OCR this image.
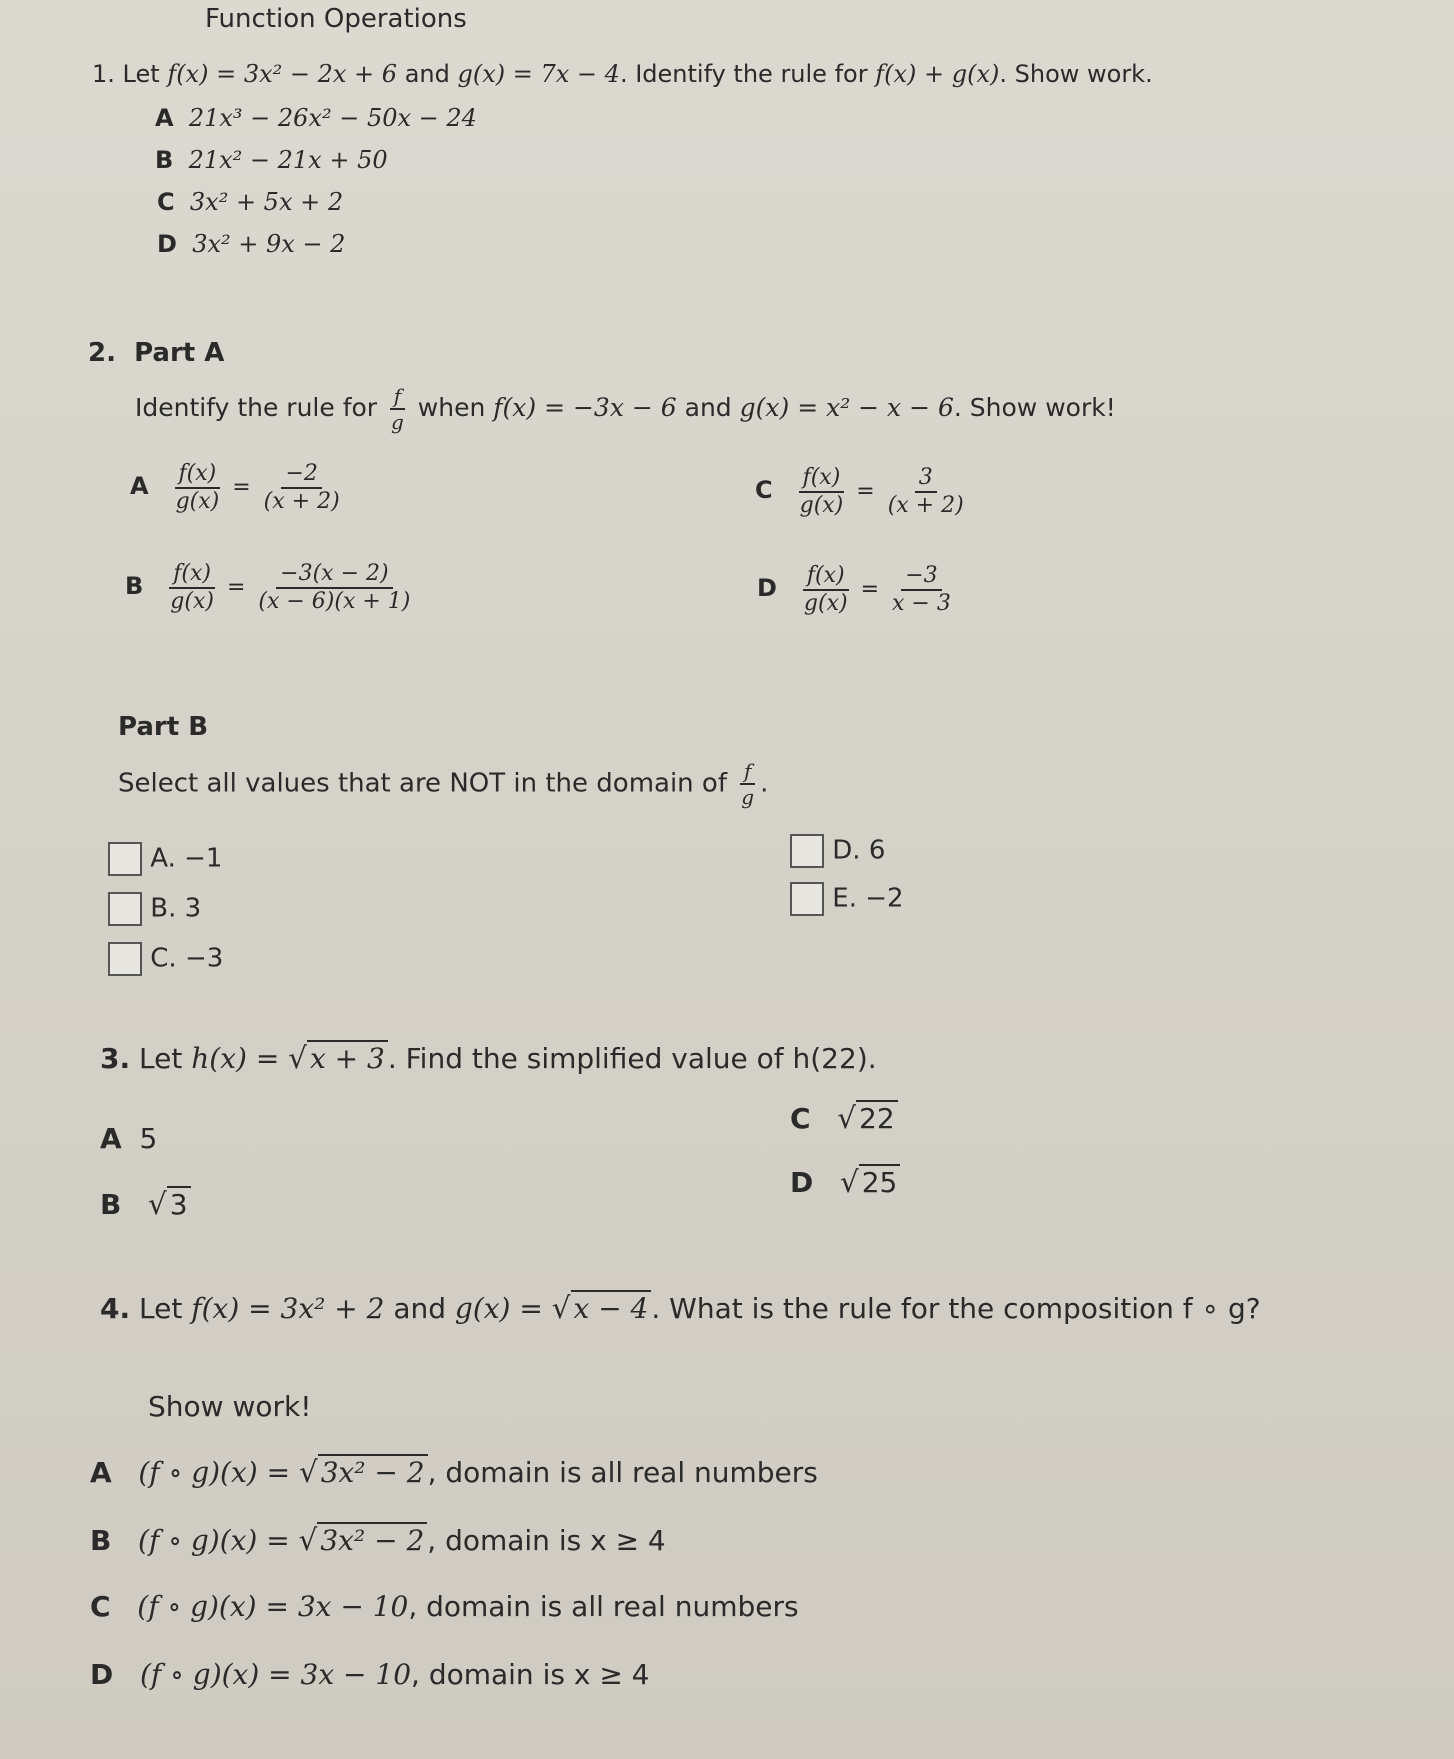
Function Operations
1. Let f(x) = 3x² − 2x + 6 and g(x) = 7x − 4. Identify the rule for f(x) + g(x). Show work.
A 21x³ − 26x² − 50x − 24
B 21x² − 21x + 50
C 3x² + 5x + 2
D 3x² + 9x − 2
2. Part A
Identify the rule for $\frac{f}{g}$ when f(x) = −3x − 6 and g(x) = x² − x − 6. Show work!
A $\frac{f(x)}{g(x)} = \frac{-2}{(x + 2)}$
B $\frac{f(x)}{g(x)} = \frac{-3(x - 2)}{(x - 6)(x + 1)}$
C $\frac{f(x)}{g(x)} = \frac{3}{(x + 2)}$
D $\frac{f(x)}{g(x)} = \frac{-3}{x - 3}$
Part B
Select all values that are NOT in the domain of $\frac{f}{g}$ .
A. −1
B. 3
C. −3
D. 6
E. −2
3. Let h(x) = √ x + 3 . Find the simplified value of h(22).
A 5
B √ 3
C √ 22
D √ 25
4. Let f(x) = 3x² + 2 and g(x) = √ x − 4 . What is the rule for the composition f ∘ g?
Show work!
A (f ∘ g)(x) = √ 3x² − 2 , domain is all real numbers
B (f ∘ g)(x) = √ 3x² − 2 , domain is x ≥ 4
C (f ∘ g)(x) = 3x − 10, domain is all real numbers
D (f ∘ g)(x) = 3x − 10, domain is x ≥ 4
